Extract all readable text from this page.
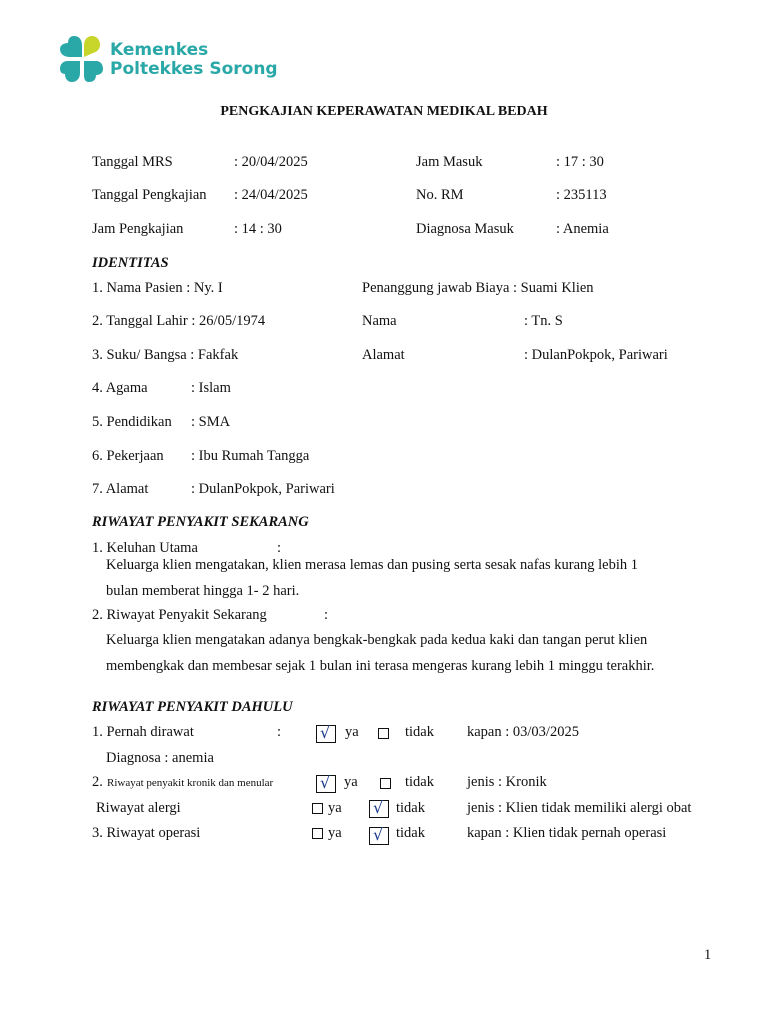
Kemenkes
Poltekkes Sorong
PENGKAJIAN KEPERAWATAN MEDIKAL BEDAH
Tanggal MRS	: 20/04/2025	Jam Masuk	: 17 : 30
Tanggal Pengkajian : 24/04/2025	No. RM	: 235113
Jam Pengkajian	: 14 : 30	Diagnosa Masuk	: Anemia
IDENTITAS
1. Nama Pasien : Ny. I
2. Tanggal Lahir : 26/05/1974
3. Suku/ Bangsa : Fakfak
4. Agama	: Islam
5. Pendidikan : SMA
6. Pekerjaan : Ibu Rumah Tangga
7. Alamat	: DulanPokpok, Pariwari
Penanggung jawab Biaya : Suami Klien
Nama	: Tn. S
Alamat	: DulanPokpok, Pariwari
RIWAYAT PENYAKIT SEKARANG
1. Keluhan Utama	:
Keluarga klien mengatakan, klien merasa lemas dan pusing serta sesak nafas kurang lebih 1
bulan memberat hingga 1- 2 hari.
2. Riwayat Penyakit Sekarang	:
Keluarga klien mengatakan adanya bengkak-bengkak pada kedua kaki dan tangan perut klien
membengkak dan membesar sejak 1 bulan ini terasa mengeras kurang lebih 1 minggu terakhir.
RIWAYAT PENYAKIT DAHULU
1. Pernah dirawat	: √ ya	tidak kapan : 03/03/2025
Diagnosa : anemia
2. Riwayat penyakit kronik dan menular	√ ya	tidak jenis : Kronik
Riwayat alergi	ya √ tidak	jenis : Klien tidak memiliki alergi obat
3. Riwayat operasi	ya √ tidak	kapan : Klien tidak pernah operasi
1
